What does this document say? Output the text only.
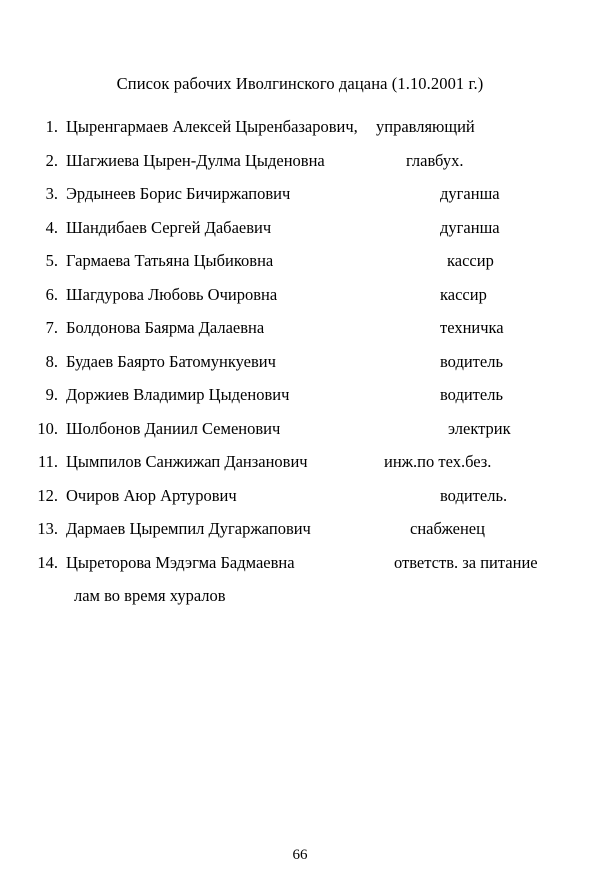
Список рабочих Иволгинского дацана (1.10.2001 г.)
1. Цыренгармаев Алексей Цыренбазарович,	управляющий
2. Шагжиева Цырен-Дулма Цыденовна	главбух.
3. Эрдынеев Борис Бичиржапович	дуганша
4. Шандибаев Сергей Дабаевич	дуганша
5. Гармаева Татьяна Цыбиковна	кассир
6. Шагдурова Любовь Очировна	кассир
7. Болдонова Баярма Далаевна	техничка
8. Будаев Баярто Батомункуевич	водитель
9. Доржиев Владимир Цыденович	водитель
10. Шолбонов Даниил Семенович	электрик
11. Цымпилов Санжижап Данзанович	инж.по тех.без.
12. Очиров Аюр Артурович	водитель.
13. Дармаев Цыремпил Дугаржапович	снабженец
14. Цыреторова Мэдэгма Бадмаевна	ответств. за питание
лам во время хуралов
66
